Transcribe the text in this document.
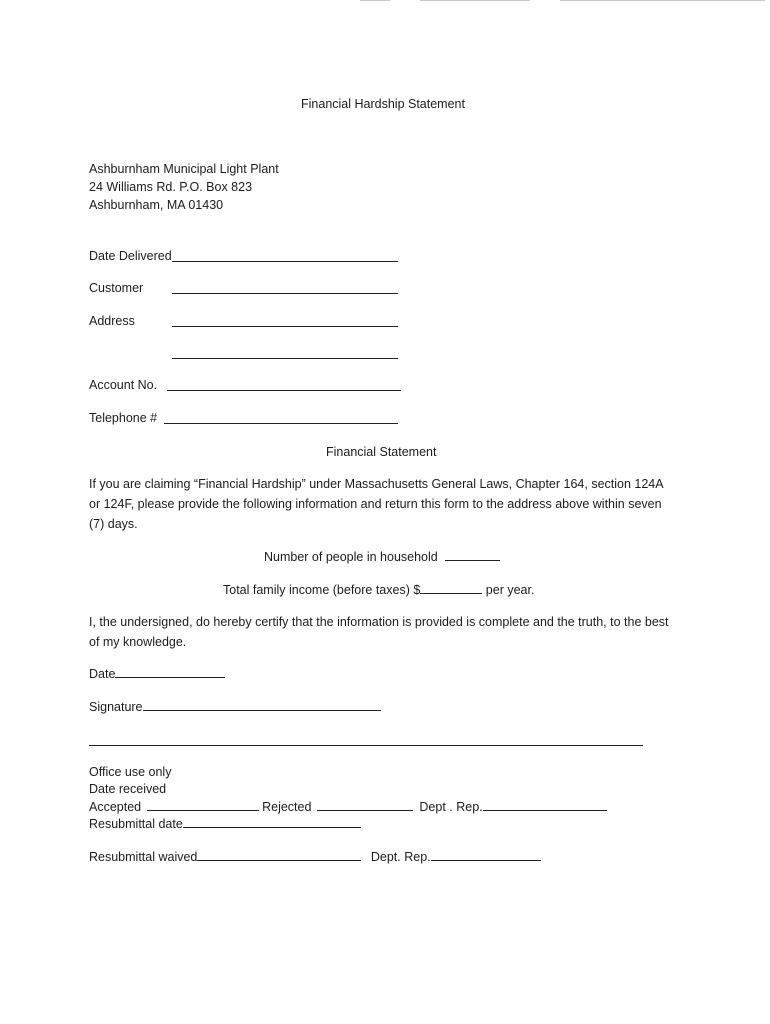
Financial Hardship Statement
Ashburnham Municipal Light Plant
24 Williams Rd. P.O. Box 823
Ashburnham, MA 01430
Date Delivered
Customer
Address
Account No.
Telephone #
Financial Statement
If you are claiming “Financial Hardship” under Massachusetts General Laws, Chapter 164, section 124A or 124F, please provide the following information and return this form to the address above within seven (7) days.
Number of people in household
Total family income (before taxes) $	per year.
I, the undersigned, do hereby certify that the information is provided is complete and the truth, to the best of my knowledge.
Date
Signature
Office use only
Date received
Accepted	Rejected	Dept . Rep.
Resubmittal date
Resubmittal waived	Dept. Rep.
